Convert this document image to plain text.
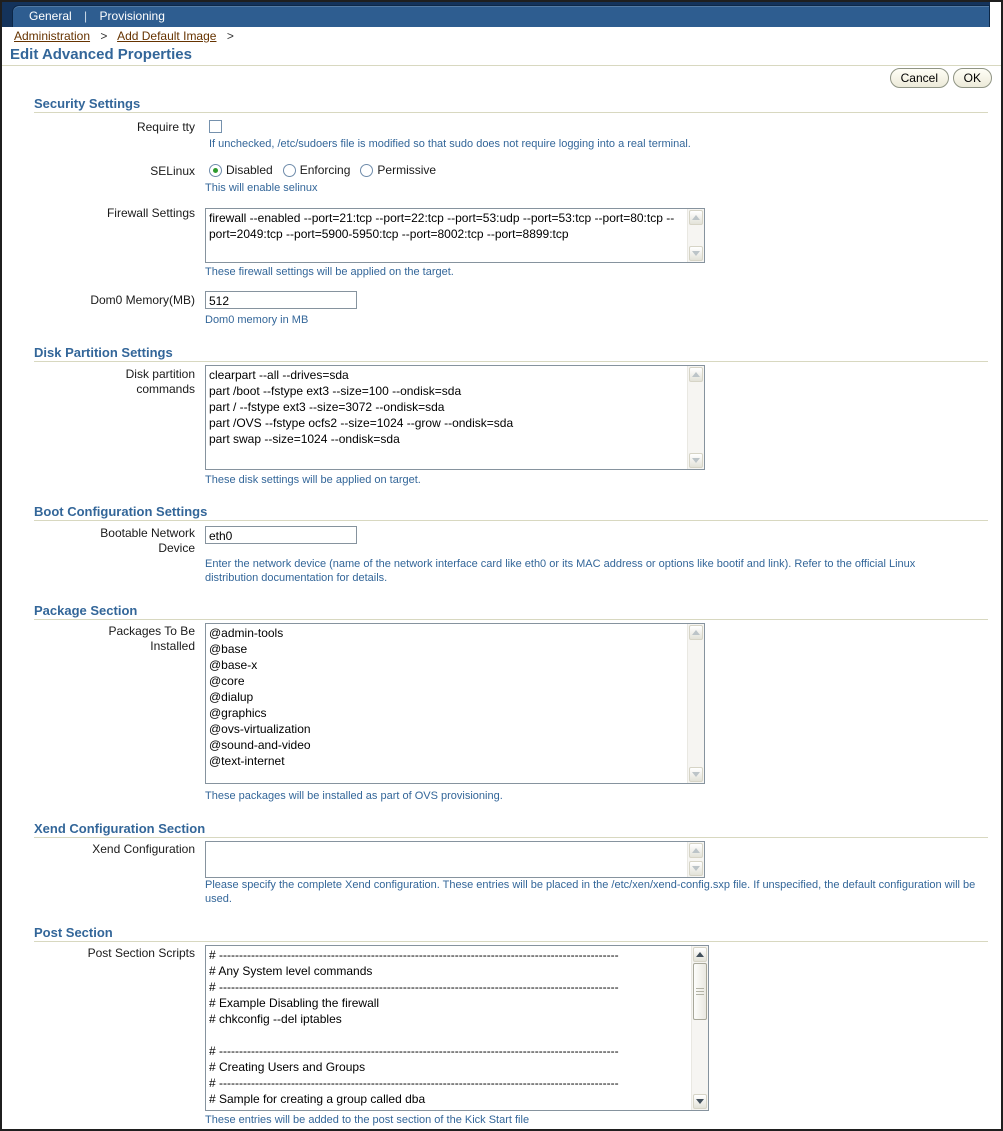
General | Provisioning
Administration > Add Default Image >
Edit Advanced Properties
Cancel	OK
Security Settings
Require tty
If unchecked, /etc/sudoers file is modified so that sudo does not require logging into a real terminal.
SELinux	Disabled Enforcing Permissive
This will enable selinux
Firewall Settings firewall --enabled --port=21:tcp --port=22:tcp --port=53:udp --port=53:tcp --port=80:tcp --port=2049:tcp --port=5900-5950:tcp --port=8002:tcp --port=8899:tcp
These firewall settings will be applied on the target.
Dom0 Memory(MB)
512
Dom0 memory in MB
Disk Partition Settings
Disk partition commands
clearpart --all --drives=sda
part /boot --fstype ext3 --size=100 --ondisk=sda
part / --fstype ext3 --size=3072 --ondisk=sda
part /OVS --fstype ocfs2 --size=1024 --grow --ondisk=sda
part swap --size=1024 --ondisk=sda
These disk settings will be applied on target.
Boot Configuration Settings
Bootable Network Device
eth0
Enter the network device (name of the network interface card like eth0 or its MAC address or options like bootif and link). Refer to the official Linux distribution documentation for details.
Package Section
Packages To Be Installed
@admin-tools
@base
@base-x
@core
@dialup
@graphics
@ovs-virtualization
@sound-and-video
@text-internet
These packages will be installed as part of OVS provisioning.
Xend Configuration Section
Xend Configuration
Please specify the complete Xend configuration. These entries will be placed in the /etc/xen/xend-config.sxp file. If unspecified, the default configuration will be used.
Post Section
Post Section Scripts # ----------------------------------------------------------------------------------------------------
# Any System level commands
# ----------------------------------------------------------------------------------------------------
# Example Disabling the firewall
# chkconfig --del iptables

# ----------------------------------------------------------------------------------------------------
# Creating Users and Groups
# ----------------------------------------------------------------------------------------------------
# Sample for creating a group called dba
These entries will be added to the post section of the Kick Start file
